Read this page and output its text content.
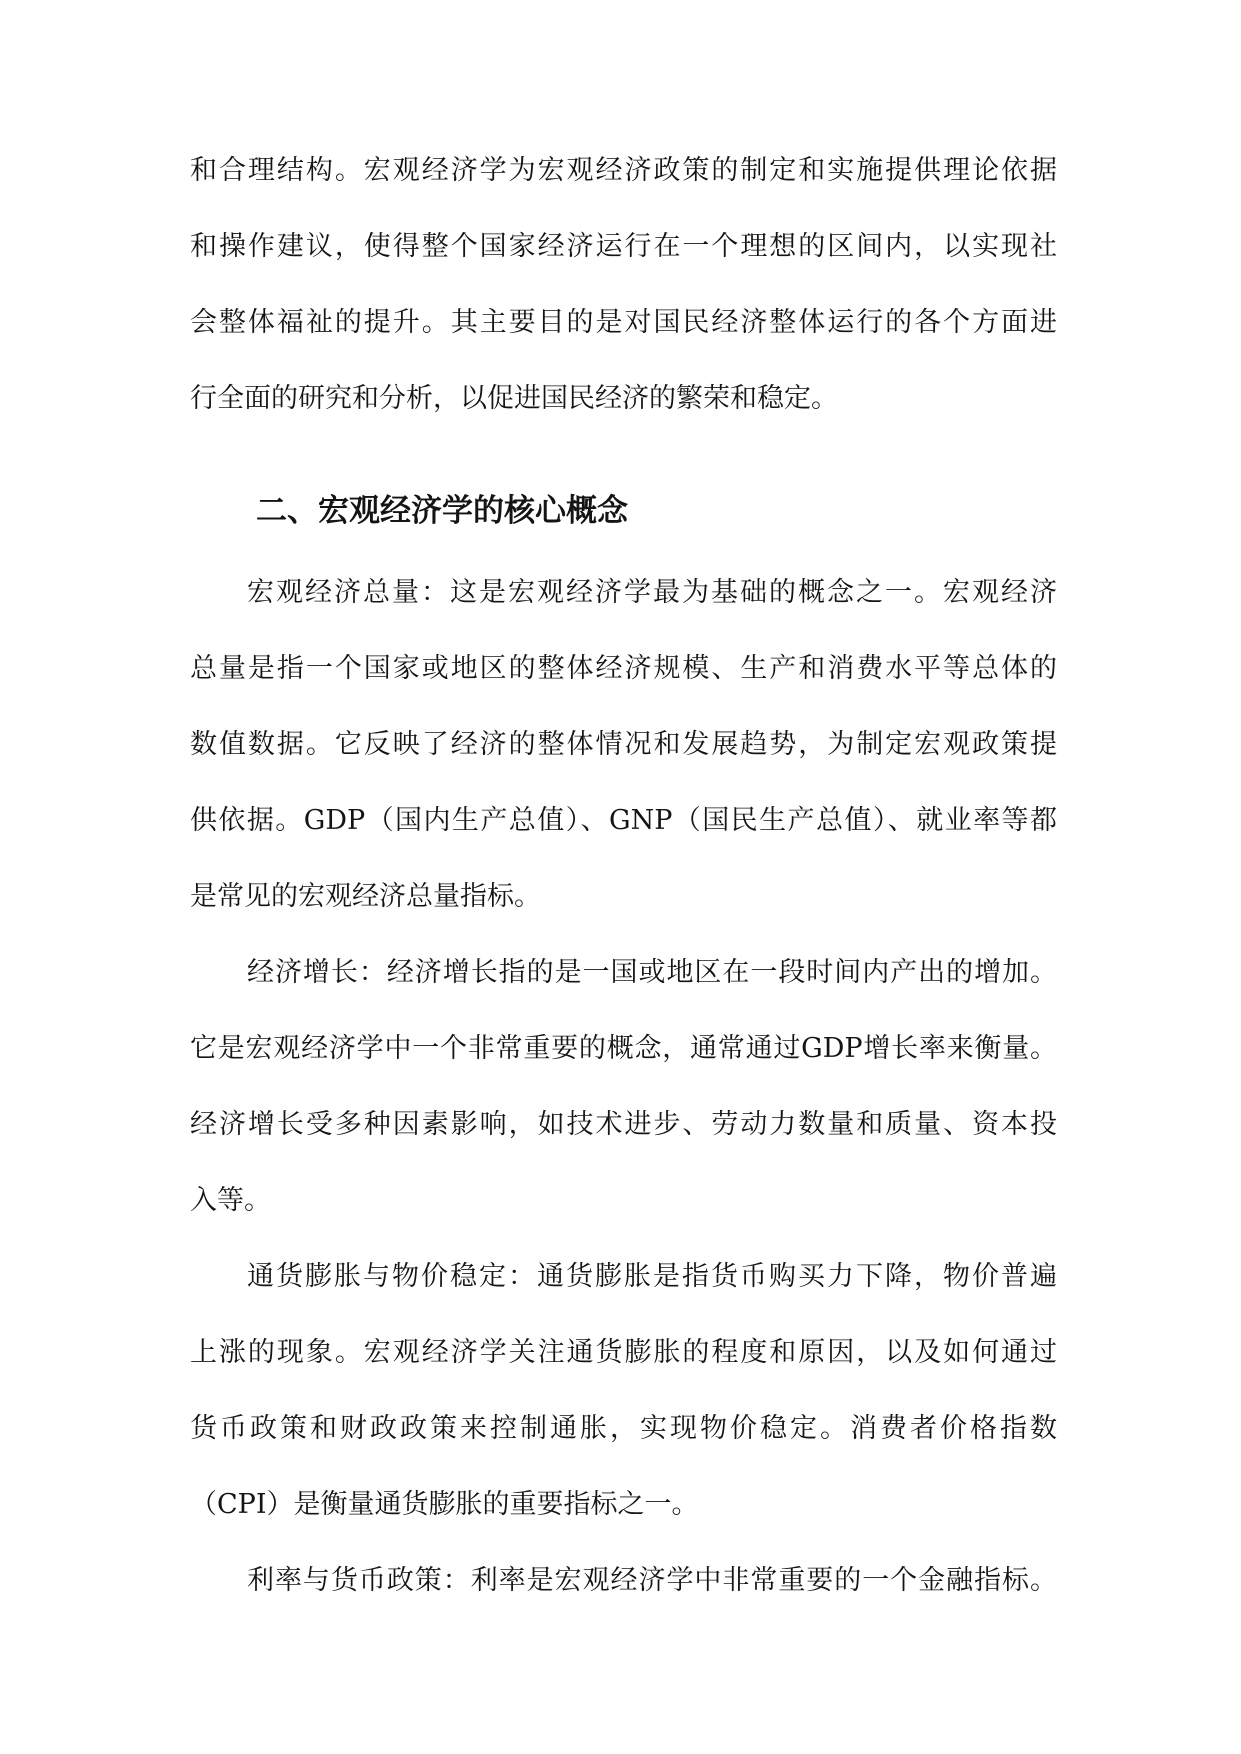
和合理结构。宏观经济学为宏观经济政策的制定和实施提供理论依据
和操作建议，使得整个国家经济运行在一个理想的区间内，以实现社
会整体福祉的提升。其主要目的是对国民经济整体运行的各个方面进
行全面的研究和分析，以促进国民经济的繁荣和稳定。
二、宏观经济学的核心概念
宏观经济总量：这是宏观经济学最为基础的概念之一。宏观经济
总量是指一个国家或地区的整体经济规模、生产和消费水平等总体的
数值数据。它反映了经济的整体情况和发展趋势，为制定宏观政策提
供依据。GDP（国内生产总值）、GNP（国民生产总值）、就业率等都
是常见的宏观经济总量指标。
经济增长：经济增长指的是一国或地区在一段时间内产出的增加。
它是宏观经济学中一个非常重要的概念，通常通过GDP增长率来衡量。
经济增长受多种因素影响，如技术进步、劳动力数量和质量、资本投
入等。
通货膨胀与物价稳定：通货膨胀是指货币购买力下降，物价普遍
上涨的现象。宏观经济学关注通货膨胀的程度和原因，以及如何通过
货币政策和财政政策来控制通胀，实现物价稳定。消费者价格指数
（CPI）是衡量通货膨胀的重要指标之一。
利率与货币政策：利率是宏观经济学中非常重要的一个金融指标。
